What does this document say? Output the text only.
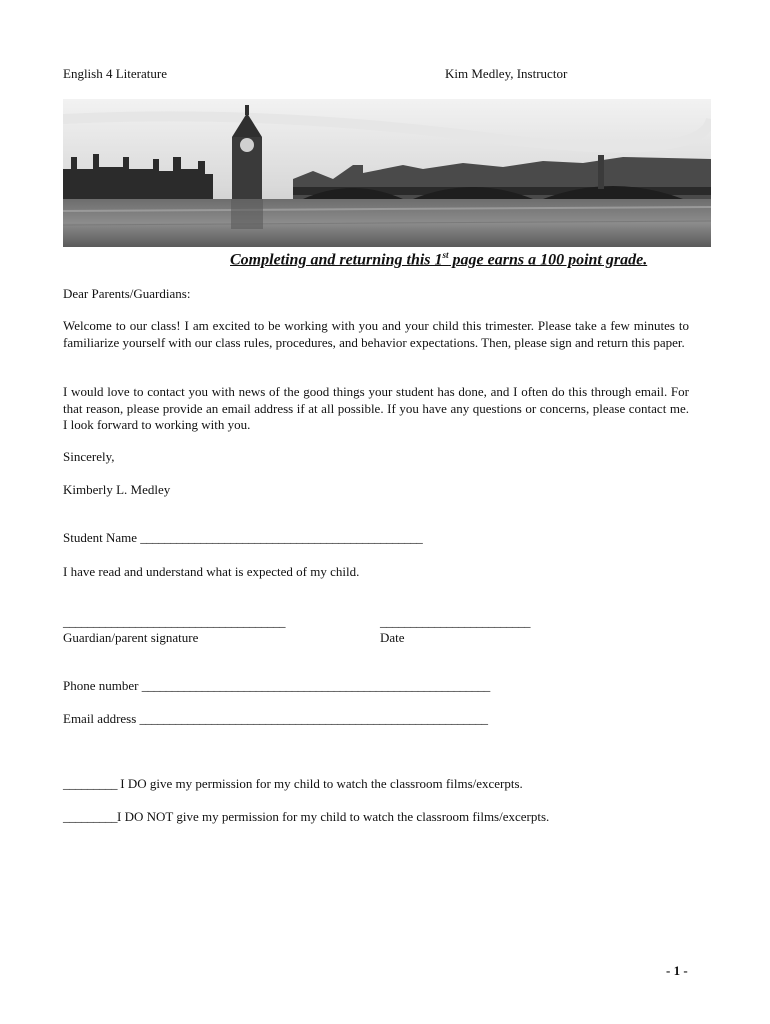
English 4 Literature	Kim Medley, Instructor
Completing and returning this 1st page earns a 100 point grade.
Dear Parents/Guardians:
Welcome to our class! I am excited to be working with you and your child this trimester. Please take a few minutes to familiarize yourself with our class rules, procedures, and behavior expectations. Then, please sign and return this paper.
I would love to contact you with news of the good things your student has done, and I often do this through email. For that reason, please provide an email address if at all possible. If you have any questions or concerns, please contact me. I look forward to working with you.
Sincerely,
Kimberly L. Medley
Student Name _______________________________________________
I have read and understand what is expected of my child.
_____________________________________
Guardian/parent signature
_________________________
Date
Phone number __________________________________________________________
Email address __________________________________________________________
_________ I DO give my permission for my child to watch the classroom films/excerpts.
_________I DO NOT give my permission for my child to watch the classroom films/excerpts.
- 1 -
